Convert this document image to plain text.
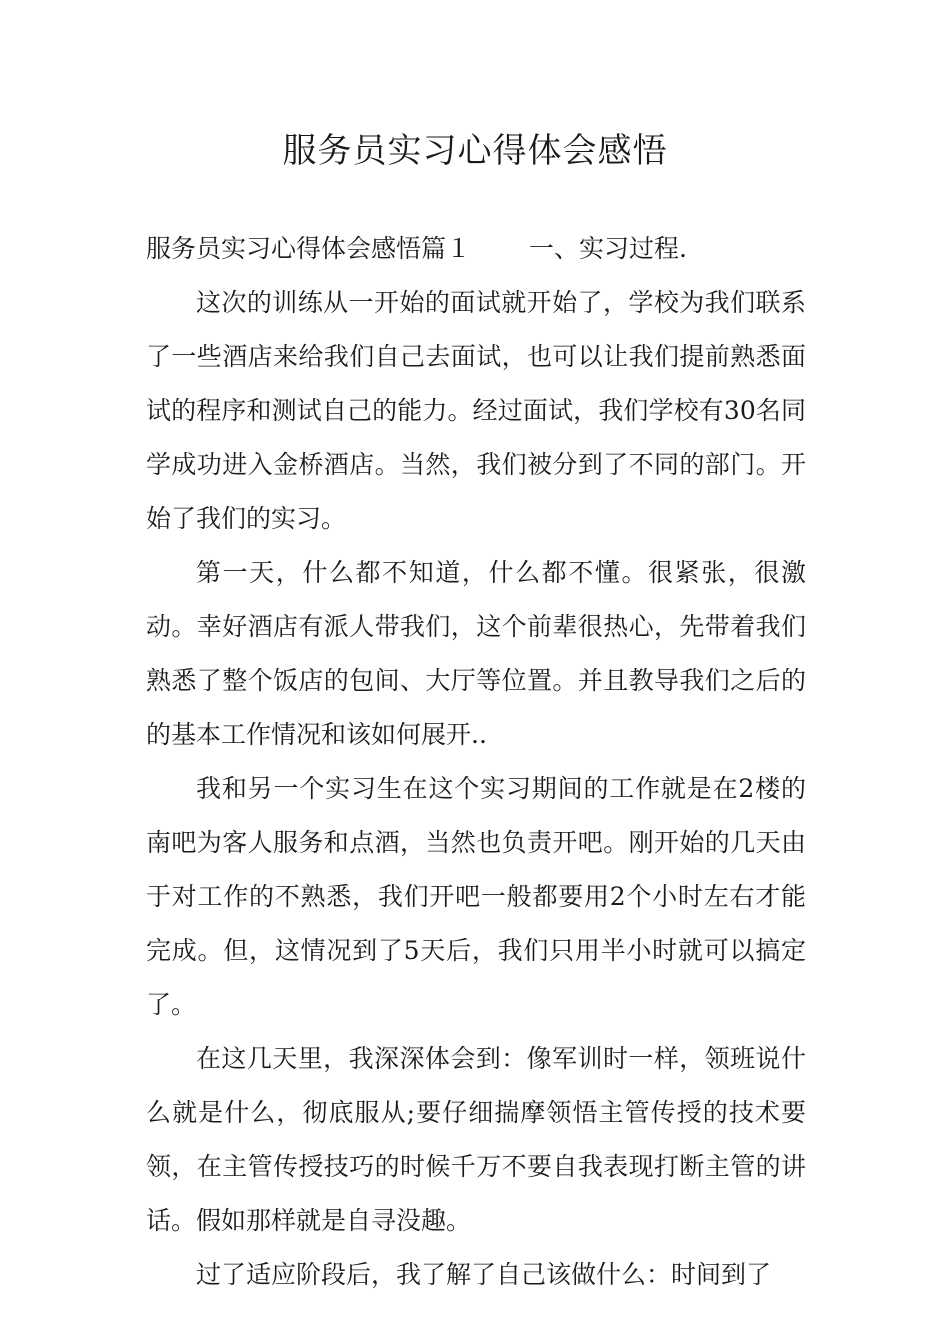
服务员实习心得体会感悟

服务员实习心得体会感悟篇１ 一、实习过程.

这次的训练从一开始的面试就开始了，学校为我们联系了一些酒店来给我们自己去面试，也可以让我们提前熟悉面试的程序和测试自己的能力。经过面试，我们学校有30名同学成功进入金桥酒店。当然，我们被分到了不同的部门。开始了我们的实习。

第一天，什么都不知道，什么都不懂。很紧张，很激动。幸好酒店有派人带我们，这个前辈很热心，先带着我们熟悉了整个饭店的包间、大厅等位置。并且教导我们之后的的基本工作情况和该如何展开..

我和另一个实习生在这个实习期间的工作就是在2楼的南吧为客人服务和点酒，当然也负责开吧。刚开始的几天由于对工作的不熟悉，我们开吧一般都要用2个小时左右才能完成。但，这情况到了5天后，我们只用半小时就可以搞定了。

在这几天里，我深深体会到：像军训时一样，领班说什么就是什么，彻底服从;要仔细揣摩领悟主管传授的技术要领，在主管传授技巧的时候千万不要自我表现打断主管的讲话。假如那样就是自寻没趣。

过了适应阶段后，我了解了自己该做什么：时间到了
